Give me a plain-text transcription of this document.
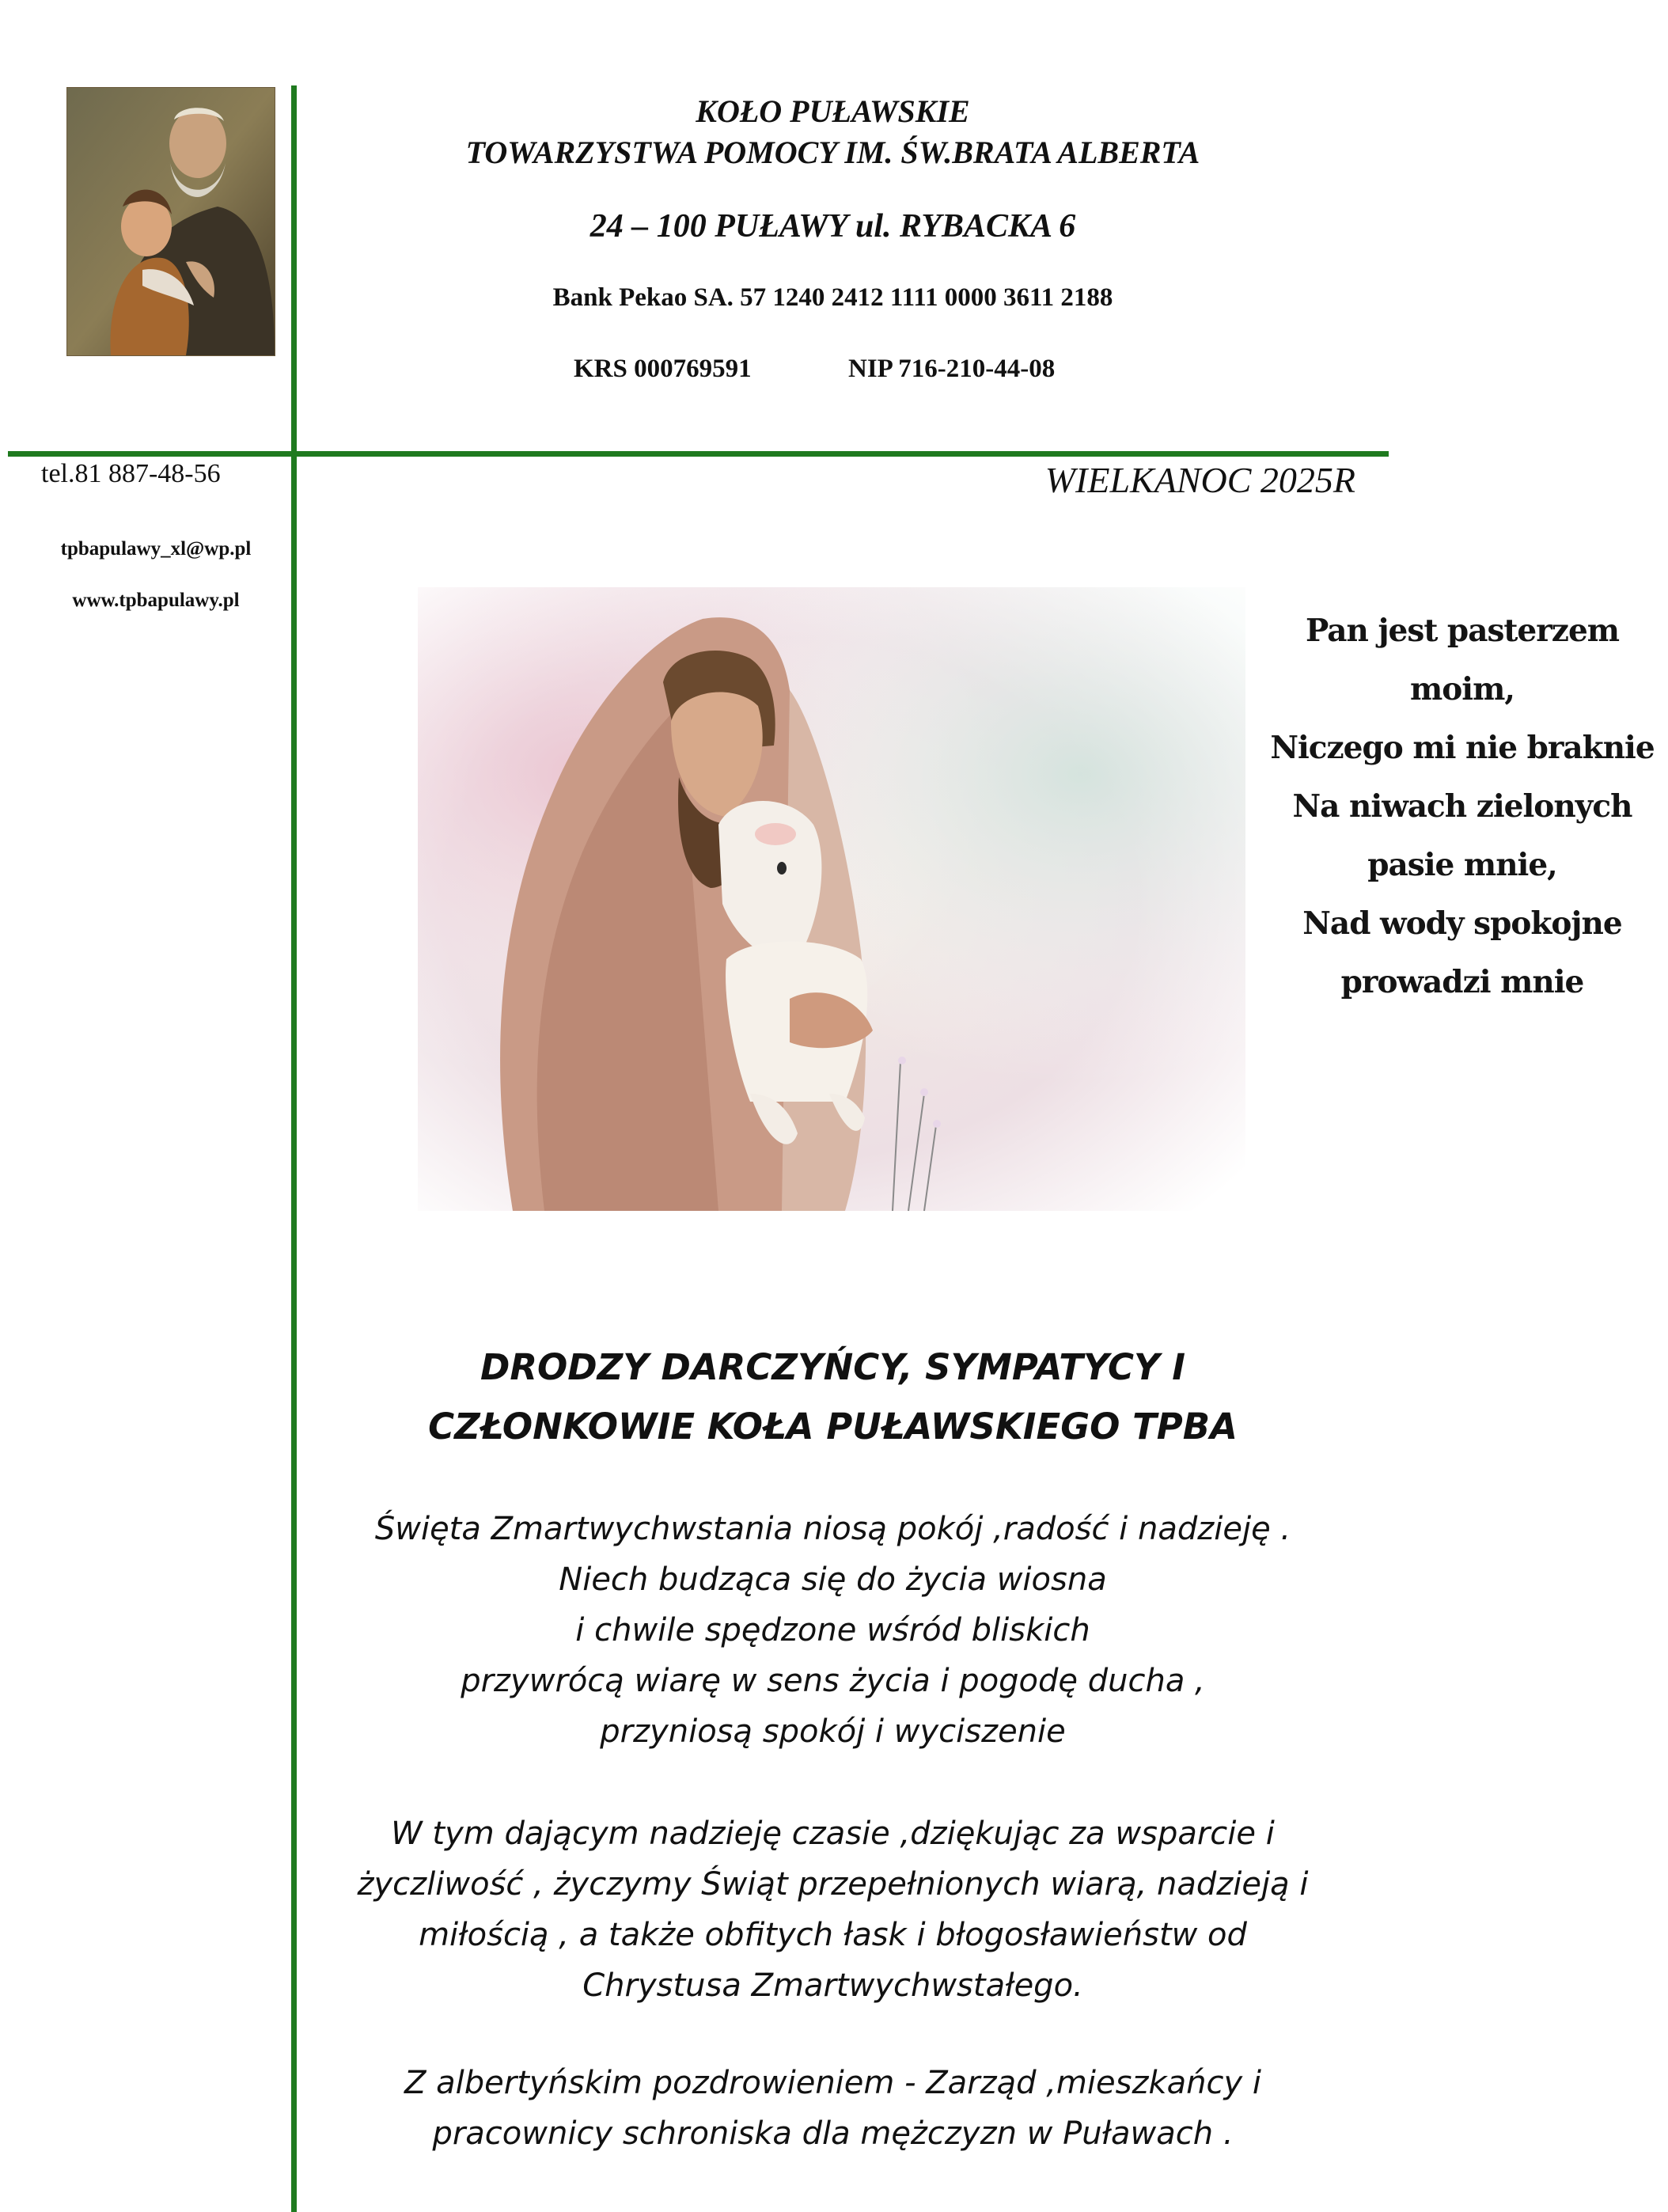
KOŁO PUŁAWSKIE
TOWARZYSTWA POMOCY IM. ŚW.BRATA ALBERTA
24 – 100 PUŁAWY ul. RYBACKA 6
Bank Pekao SA. 57 1240 2412 1111 0000 3611 2188
KRS 000769591	NIP 716-210-44-08
tel.81 887-48-56
tpbapulawy_xl@wp.pl
www.tpbapulawy.pl
WIELKANOC 2025R
Pan jest pasterzem moim,
Niczego mi nie braknie
Na niwach zielonych
pasie mnie,
Nad wody spokojne
prowadzi mnie
DRODZY DARCZYŃCY, SYMPATYCY I
CZŁONKOWIE KOŁA PUŁAWSKIEGO TPBA
Święta Zmartwychwstania niosą pokój ,radość i nadzieję .
Niech budząca się do życia wiosna
i chwile spędzone wśród bliskich
przywrócą wiarę w sens życia i pogodę ducha ,
przyniosą spokój i wyciszenie
W tym dającym nadzieję czasie ,dziękując za wsparcie i
życzliwość , życzymy Świąt przepełnionych wiarą, nadzieją i
miłością , a także obfitych łask i błogosławieństw od
Chrystusa Zmartwychwstałego.
Z albertyńskim pozdrowieniem - Zarząd ,mieszkańcy i
pracownicy schroniska dla mężczyzn w Puławach .
